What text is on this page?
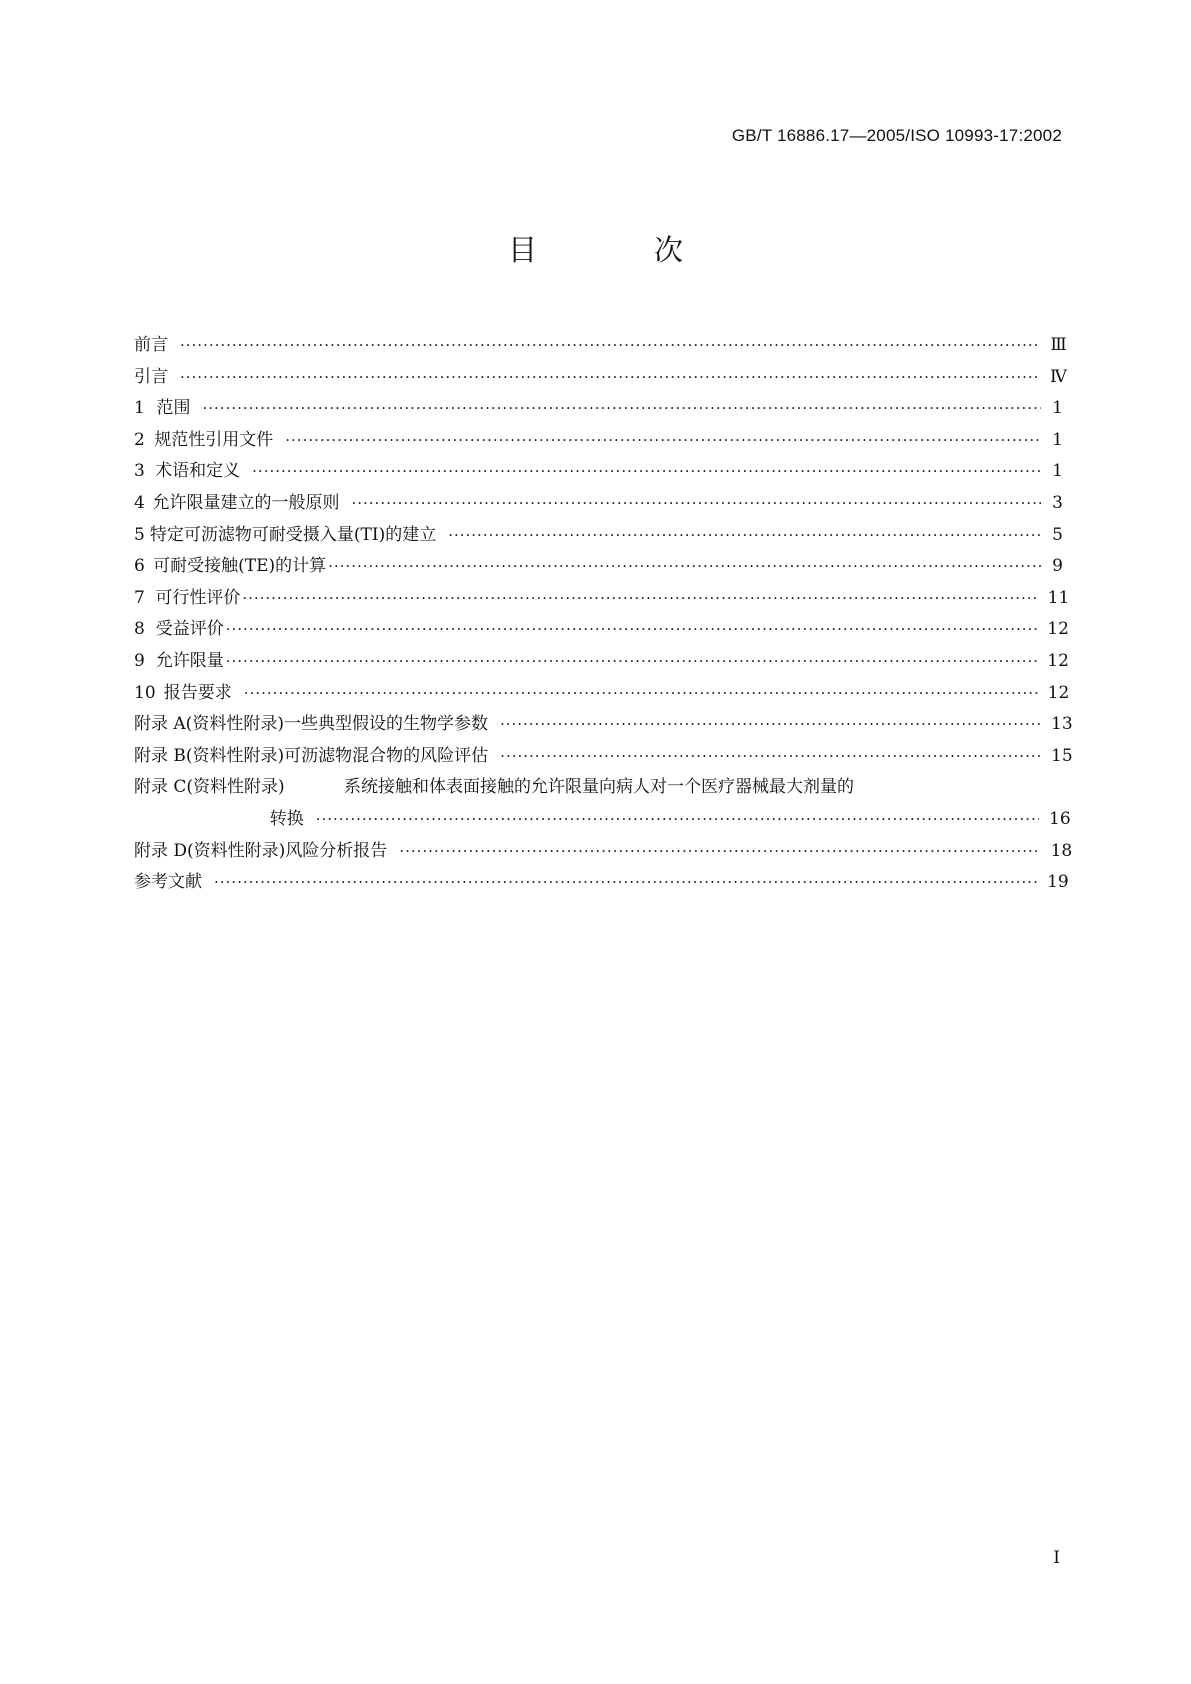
GB/T 16886.17—2005/ISO 10993-17:2002
目　次
前言 ·····	Ⅲ
引言 ·····	Ⅳ
1 范围 ·····	1
2 规范性引用文件 ·····	1
3 术语和定义 ·····	1
4 允许限量建立的一般原则 ·····	3
5 特定可沥滤物可耐受摄入量(TI)的建立 ·····	5
6 可耐受接触(TE)的计算 ·····	9
7 可行性评价 ·····	11
8 受益评价 ·····	12
9 允许限量 ·····	12
10 报告要求 ·····	12
附录 A(资料性附录) 一些典型假设的生物学参数 ·····	13
附录 B(资料性附录) 可沥滤物混合物的风险评估 ·····	15
附录 C(资料性附录)	系统接触和体表面接触的允许限量向病人对一个医疗器械最大剂量的
转换 ·····	16
附录 D(资料性附录) 风险分析报告 ·····	18
参考文献 ·····	19
I
